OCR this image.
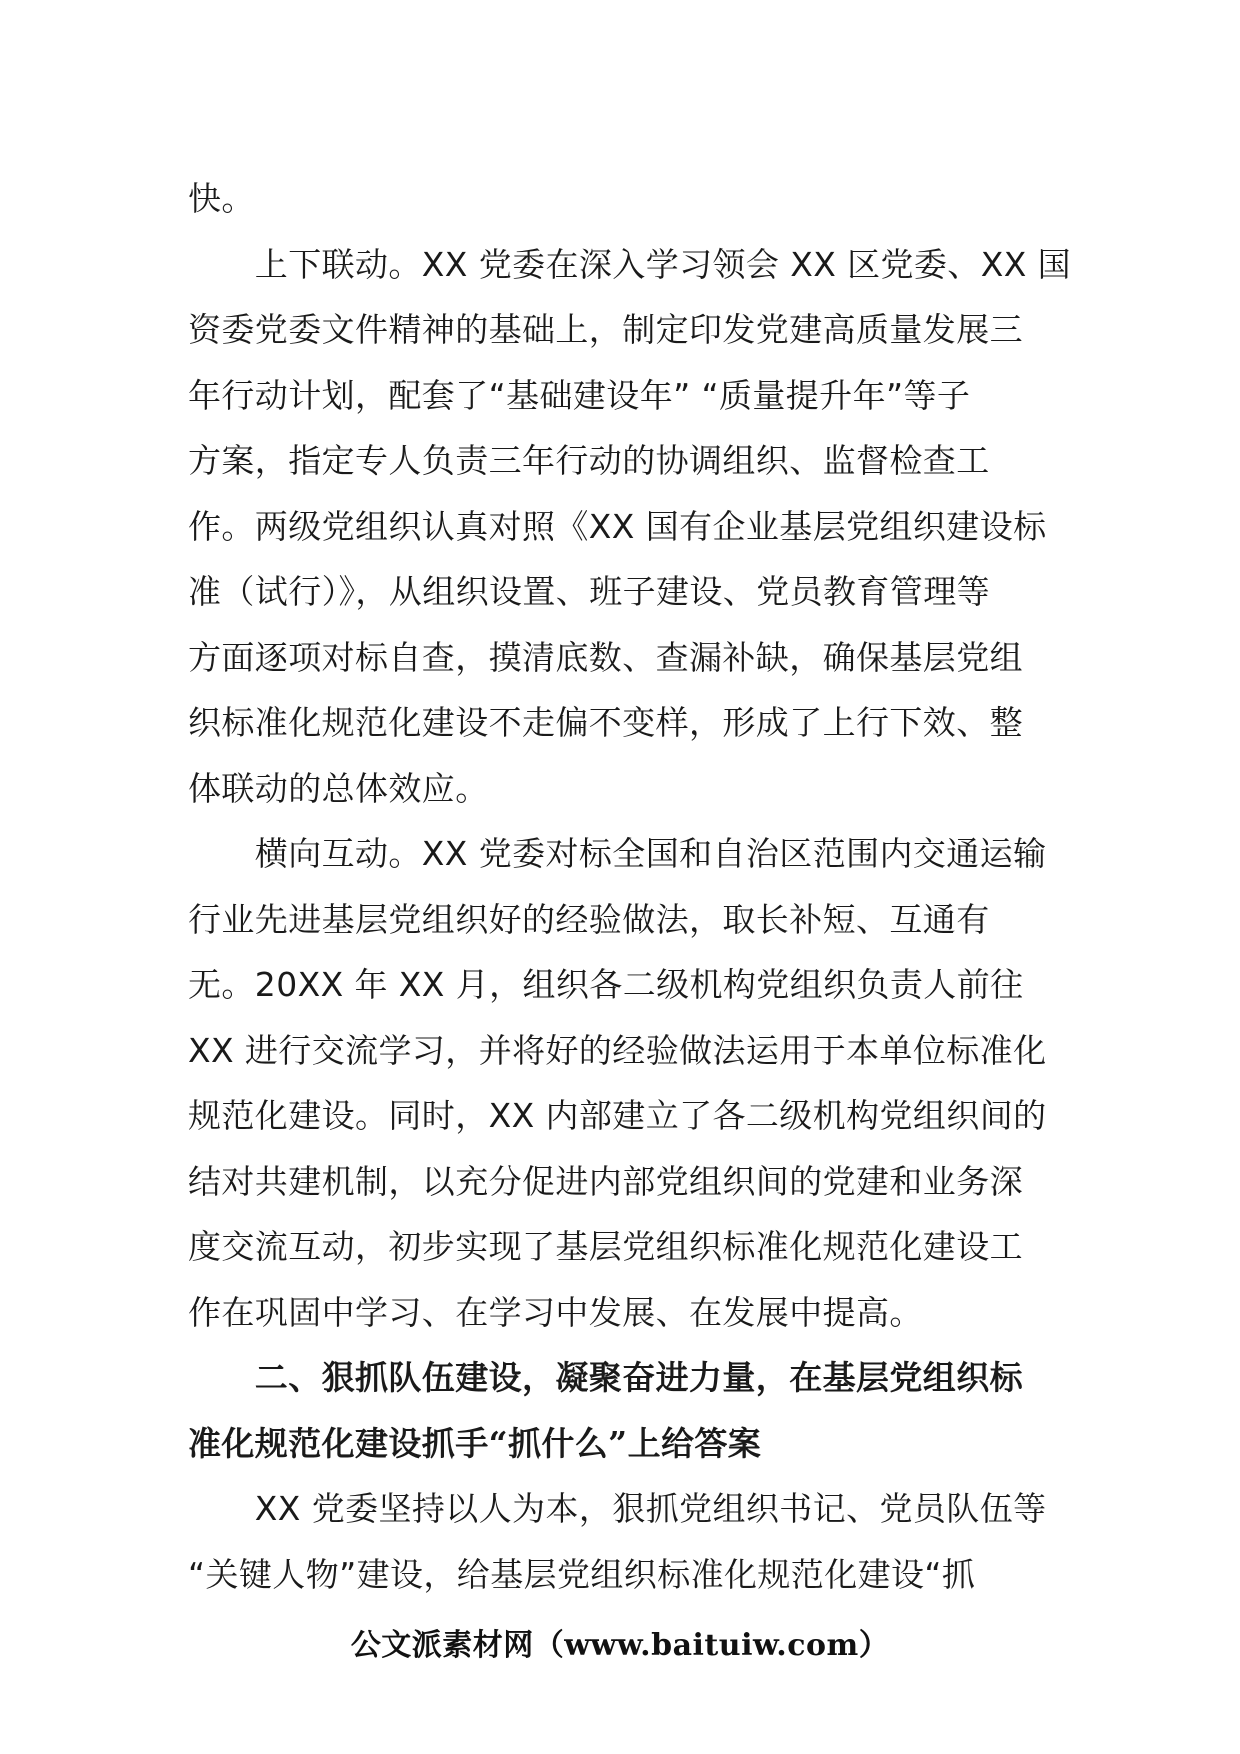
快。
　　上下联动。XX 党委在深入学习领会 XX 区党委、XX 国
资委党委文件精神的基础上，制定印发党建高质量发展三
年行动计划，配套了“基础建设年” “质量提升年”等子
方案，指定专人负责三年行动的协调组织、监督检查工
作。两级党组织认真对照《XX 国有企业基层党组织建设标
准（试行）》，从组织设置、班子建设、党员教育管理等
方面逐项对标自查，摸清底数、查漏补缺，确保基层党组
织标准化规范化建设不走偏不变样，形成了上行下效、整
体联动的总体效应。
　　横向互动。XX 党委对标全国和自治区范围内交通运输
行业先进基层党组织好的经验做法，取长补短、互通有
无。20XX 年 XX 月，组织各二级机构党组织负责人前往
XX 进行交流学习，并将好的经验做法运用于本单位标准化
规范化建设。同时，XX 内部建立了各二级机构党组织间的
结对共建机制，以充分促进内部党组织间的党建和业务深
度交流互动，初步实现了基层党组织标准化规范化建设工
作在巩固中学习、在学习中发展、在发展中提高。
　　二、狠抓队伍建设，凝聚奋进力量，在基层党组织标
准化规范化建设抓手“抓什么”上给答案
　　XX 党委坚持以人为本，狠抓党组织书记、党员队伍等
“关键人物”建设，给基层党组织标准化规范化建设“抓
公文派素材网（www.baituiw.com）
